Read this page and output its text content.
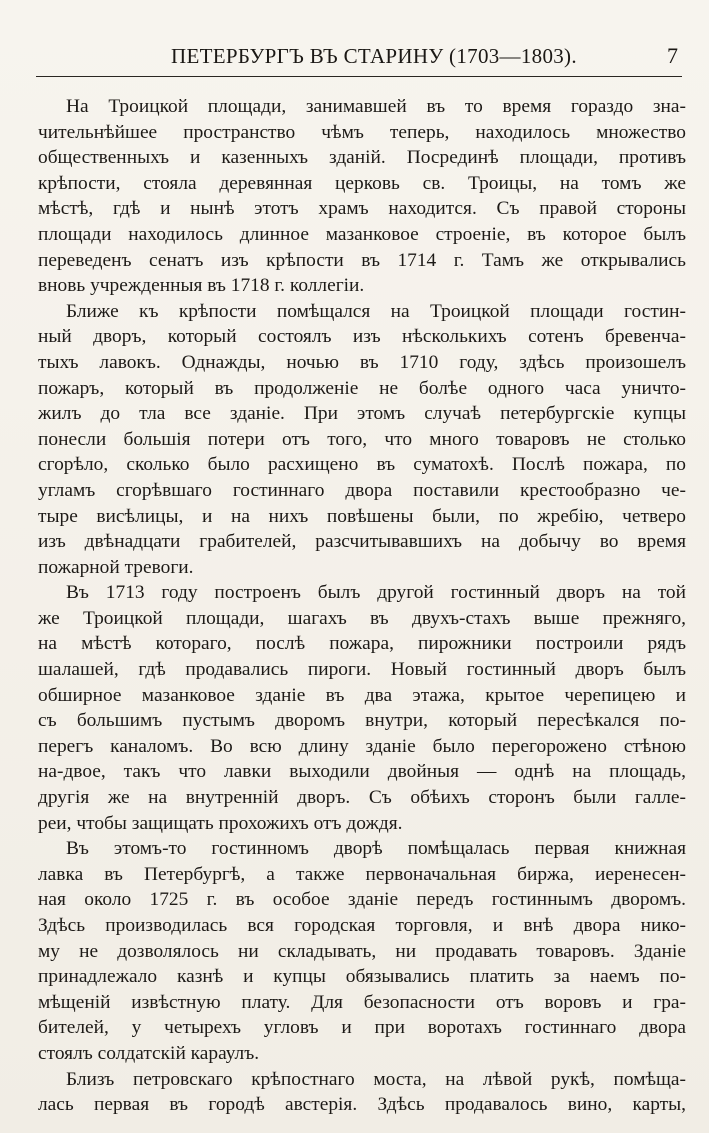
ПЕТЕРБУРГЪ ВЪ СТАРИНУ (1703—1803).	7
На Троицкой площади, занимавшей въ то время гораздо зна-
чительнѣйшее пространство чѣмъ теперь, находилось множество
общественныхъ и казенныхъ зданій. Посрединѣ площади, противъ
крѣпости, стояла деревянная церковь св. Троицы, на томъ же
мѣстѣ, гдѣ и нынѣ этотъ храмъ находится. Съ правой стороны
площади находилось длинное мазанковое строеніе, въ которое былъ
переведенъ сенатъ изъ крѣпости въ 1714 г. Тамъ же открывались
вновь учрежденныя въ 1718 г. коллегіи.
Ближе къ крѣпости помѣщался на Троицкой площади гостин-
ный дворъ, который состоялъ изъ нѣсколькихъ сотенъ бревенча-
тыхъ лавокъ. Однажды, ночью въ 1710 году, здѣсь произошелъ
пожаръ, который въ продолженіе не болѣе одного часа уничто-
жилъ до тла все зданіе. При этомъ случаѣ петербургскіе купцы
понесли большія потери отъ того, что много товаровъ не столько
сгорѣло, сколько было расхищено въ суматохѣ. Послѣ пожара, по
угламъ сгорѣвшаго гостиннаго двора поставили крестообразно че-
тыре висѣлицы, и на нихъ повѣшены были, по жребію, четверо
изъ двѣнадцати грабителей, разсчитывавшихъ на добычу во время
пожарной тревоги.
Въ 1713 году построенъ былъ другой гостинный дворъ на той
же Троицкой площади, шагахъ въ двухъ-стахъ выше прежняго,
на мѣстѣ котораго, послѣ пожара, пирожники построили рядъ
шалашей, гдѣ продавались пироги. Новый гостинный дворъ былъ
обширное мазанковое зданіе въ два этажа, крытое черепицею и
съ большимъ пустымъ дворомъ внутри, который пересѣкался по-
перегъ каналомъ. Во всю длину зданіе было перегорожено стѣною
на-двое, такъ что лавки выходили двойныя — однѣ на площадь,
другія же на внутренній дворъ. Съ обѣихъ сторонъ были галле-
реи, чтобы защищать прохожихъ отъ дождя.
Въ этомъ-то гостинномъ дворѣ помѣщалась первая книжная
лавка въ Петербургѣ, а также первоначальная биржа, иеренесен-
ная около 1725 г. въ особое зданіе передъ гостиннымъ дворомъ.
Здѣсь производилась вся городская торговля, и внѣ двора нико-
му не дозволялось ни складывать, ни продавать товаровъ. Зданіе
принадлежало казнѣ и купцы обязывались платить за наемъ по-
мѣщеній извѣстную плату. Для безопасности отъ воровъ и гра-
бителей, у четырехъ угловъ и при воротахъ гостиннаго двора
стоялъ солдатскій караулъ.
Близъ петровскаго крѣпостнаго моста, на лѣвой рукѣ, помѣща-
лась первая въ городѣ австерія. Здѣсь продавалось вино, карты,
